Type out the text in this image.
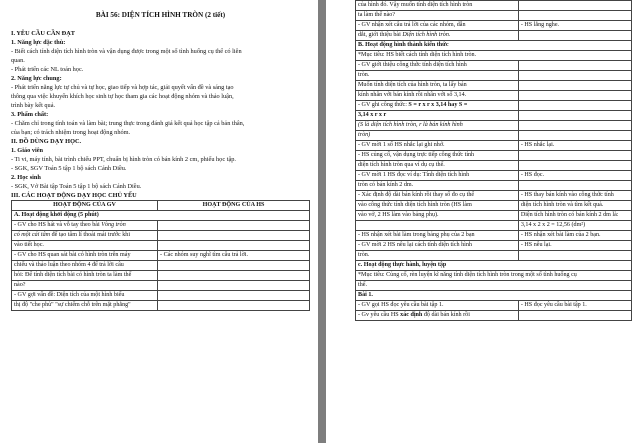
BÀI 56: DIỆN TÍCH HÌNH TRÒN (2 tiết)
I. YÊU CẦU CẦN ĐẠT
1. Năng lực đặc thù:
- Biết cách tính diện tích hình tròn và vận dụng được trong một số tình huống cụ thể có liên
quan.
- Phát triển các NL toán học.
2. Năng lực chung:
- Phát triển năng lực tự chủ và tự học, giao tiếp và hợp tác, giải quyết vấn đề và sáng tạo
thông qua việc khuyến khích học sinh tự học tham gia các hoạt động nhóm và thảo luận,
trình bày kết quả.
3. Phẩm chất:
- Chăm chỉ trong tính toán và làm bài; trung thực trong đánh giá kết quả học tập cả bản thân,
của bạn; có trách nhiệm trong hoạt động nhóm.
II. ĐỒ DÙNG DẠY HỌC.
1. Giáo viên
- Ti vi, máy tính, bài trình chiếu PPT, chuẩn bị hình tròn có bán kính 2 cm, phiếu học tập.
- SGK, SGV Toán 5 tập 1 bộ sách Cánh Diều.
2. Học sinh
- SGK, Vở Bài tập Toán 5 tập 1 bộ sách Cánh Diều.
III. CÁC HOẠT ĐỘNG DẠY HỌC CHỦ YẾU
HOẠT ĐỘNG CỦA GV	HOẠT ĐỘNG CỦA HS
A. Hoạt động khởi động (5 phút)	
- GV cho HS hát và vỗ tay theo bài Vòng tròn	
có một cái tâm để tạo tâm lí thoải mái trước khi	
vào tiết học.	
- GV cho HS quan sát bài có hình tròn trên máy	- Các nhóm suy nghĩ tìm câu trả lời.
chiếu và thảo luận theo nhóm 4 để trả lời câu	
hỏi: Để tính diện tích bài có hình tròn ta làm thế	
nào?	
- GV gợi vấn đề: Diện tích của một hình biểu	
thị độ "che phủ" "sự chiếm chỗ trên mặt phẳng"	
của hình đó. Vậy muốn tính diện tích hình tròn	
ta làm thế nào?	
- GV nhận xét câu trả lời của các nhóm, dẫn	- HS lắng nghe.
dắt, giới thiệu bài Diện tích hình tròn.	
B. Hoạt động hình thành kiến thức	
*Mục tiêu: HS biết cách tính diện tích hình tròn.	
- GV giới thiệu công thức tính diện tích hình	
tròn.	
Muốn tính diện tích của hình tròn, ta lấy bán	
kính nhân với bán kính rồi nhân với số 3,14.	
- GV ghi công thức: S = r x r x 3,14 hay S =	
3,14 x r x r	
(S là diện tích hình tròn, r là bán kính hình	
tròn)	
- GV mời 1 số HS nhắc lại ghi nhớ.	- HS nhắc lại.
- HS củng cố, vận dụng trực tiếp công thức tính	
diện tích hình tròn qua ví dụ cụ thể.	
- GV mời 1 HS đọc ví dụ: Tính diện tích hình	- HS đọc.
tròn có bán kính 2 dm.	
- Xác định độ dài bán kính rồi thay số đo cụ thể	- HS thay bán kính vào công thức tính
vào công thức tính diện tích hình tròn (HS làm	diện tích hình tròn và tìm kết quả.
vào vở, 2 HS làm vào bảng phụ).	Diện tích hình tròn có bán kính 2 dm là:
	3,14 x 2 x 2 = 12,56 (dm²)
- HS nhận xét bài làm trong bảng phụ của 2 bạn	- HS nhận xét bài làm của 2 bạn.
- GV mời 2 HS nêu lại cách tính diện tích hình	- HS nêu lại.
tròn.	
c. Hoạt động thực hành, luyện tập	
*Mục tiêu: Củng cố, rèn luyện kĩ năng tính diện tích hình tròn trong một số tình huống cụ	
thể.	
Bài 1.	
- GV gọi HS đọc yêu cầu bài tập 1.	- HS đọc yêu cầu bài tập 1.
- Gv yêu cầu HS xác định độ dài bán kính rồi	
